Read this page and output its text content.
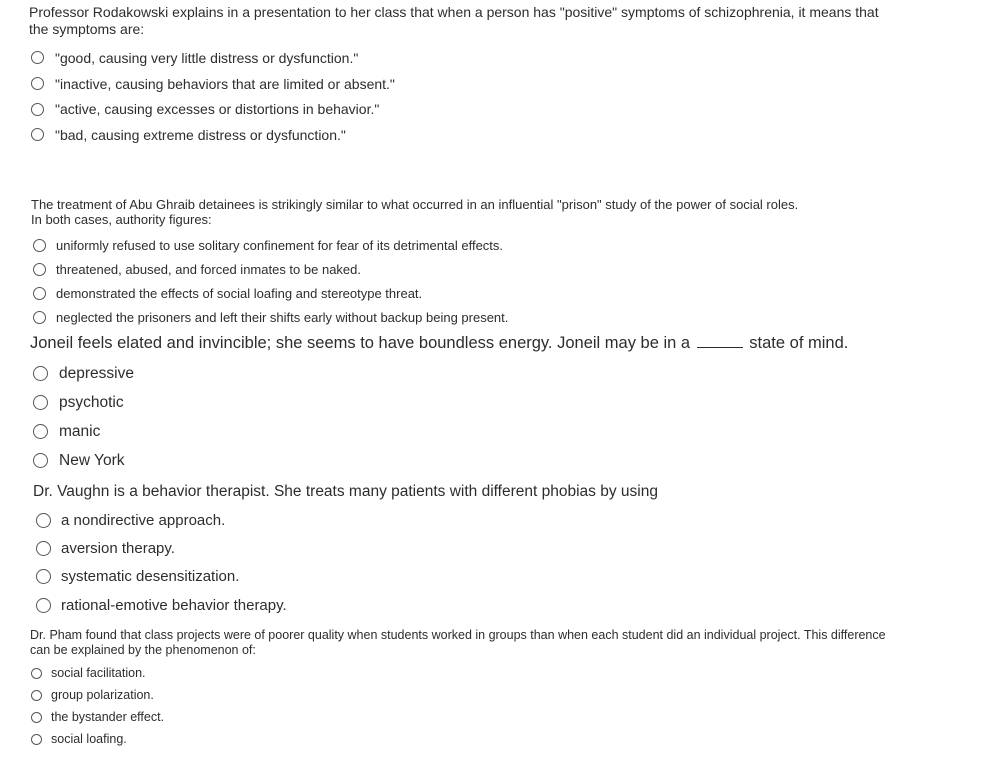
Professor Rodakowski explains in a presentation to her class that when a person has "positive" symptoms of schizophrenia, it means that
the symptoms are:

"good, causing very little distress or dysfunction."
"inactive, causing behaviors that are limited or absent."
"active, causing excesses or distortions in behavior."
"bad, causing extreme distress or dysfunction."

The treatment of Abu Ghraib detainees is strikingly similar to what occurred in an influential "prison" study of the power of social roles.
In both cases, authority figures:

uniformly refused to use solitary confinement for fear of its detrimental effects.
threatened, abused, and forced inmates to be naked.
demonstrated the effects of social loafing and stereotype threat.
neglected the prisoners and left their shifts early without backup being present.

Joneil feels elated and invincible; she seems to have boundless energy. Joneil may be in a	state of mind.

depressive
psychotic
manic
New York

Dr. Vaughn is a behavior therapist. She treats many patients with different phobias by using

a nondirective approach.
aversion therapy.
systematic desensitization.
rational-emotive behavior therapy.

Dr. Pham found that class projects were of poorer quality when students worked in groups than when each student did an individual project. This difference
can be explained by the phenomenon of:

social facilitation.
group polarization.
the bystander effect.
social loafing.
